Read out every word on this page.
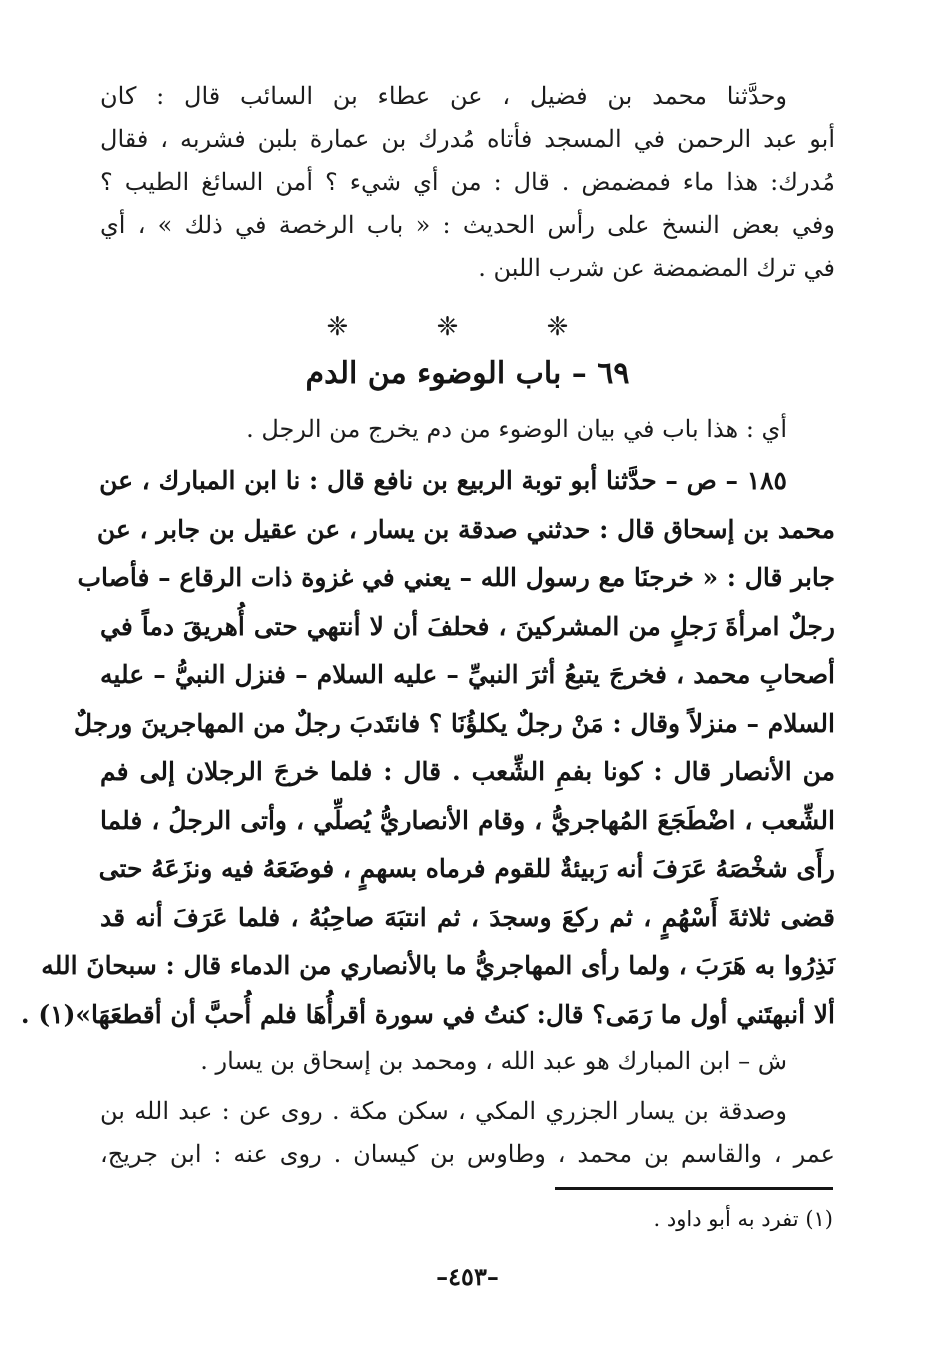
وحدَّثنا محمد بن فضيل ، عن عطاء بن السائب قال : كان
أبو عبد الرحمن في المسجد فأتاه مُدرك بن عمارة بلبن فشربه ، فقال
مُدرك: هذا ماء فمضمض . قال : من أي شيء ؟ أمن السائغ الطيب ؟
وفي بعض النسخ على رأس الحديث : « باب الرخصة في ذلك » ، أي
في ترك المضمضة عن شرب اللبن .
❈ ❈ ❈
٦٩ – باب الوضوء من الدم
أي : هذا باب في بيان الوضوء من دم يخرج من الرجل .
١٨٥ – ص – حدَّثنا أبو توبة الربيع بن نافع قال : نا ابن المبارك ، عن
محمد بن إسحاق قال : حدثني صدقة بن يسار ، عن عقيل بن جابر ، عن
جابر قال : « خرجنَا مع رسول الله – يعني في غزوة ذات الرقاع – فأصاب
رجلٌ امرأةَ رَجلٍ من المشركينَ ، فحلفَ أن لا أنتهي حتى أُهريقَ دماً في
أصحابِ محمد ، فخرجَ يتبعُ أثرَ النبيِّ – عليه السلام – فنزل النبيُّ – عليه
السلام – منزلاً وقال : مَنْ رجلٌ يكلؤُنَا ؟ فانتَدبَ رجلٌ من المهاجرينَ ورجلٌ
من الأنصار قال : كونا بفمِ الشِّعب . قال : فلما خرجَ الرجلان إلى فم
الشِّعب ، اضْطَجَعَ المُهاجريُّ ، وقام الأنصاريُّ يُصلِّي ، وأتى الرجلُ ، فلما
رأَى شخْصَهُ عَرَفَ أنه رَبيئةٌ للقوم فرماه بسهمٍ ، فوضَعَهُ فيه ونزَعَهُ حتى
قضى ثلاثةَ أَسْهُمٍ ، ثم ركعَ وسجدَ ، ثم انتبَهَ صاحِبُهُ ، فلما عَرَفَ أنه قد
نَذِرُوا به هَرَبَ ، ولما رأى المهاجريُّ ما بالأنصاري من الدماء قال : سبحانَ الله
ألا أنبهتَني أول ما رَمَى؟ قال: كنتُ في سورة أقرأُهَا فلم أُحبَّ أن أقطعَهَا»(١) .
ش – ابن المبارك هو عبد الله ، ومحمد بن إسحاق بن يسار .
وصدقة بن يسار الجزري المكي ، سكن مكة . روى عن : عبد الله بن
عمر ، والقاسم بن محمد ، وطاوس بن كيسان . روى عنه : ابن جريج،
(١) تفرد به أبو داود .
–٤٥٣–
